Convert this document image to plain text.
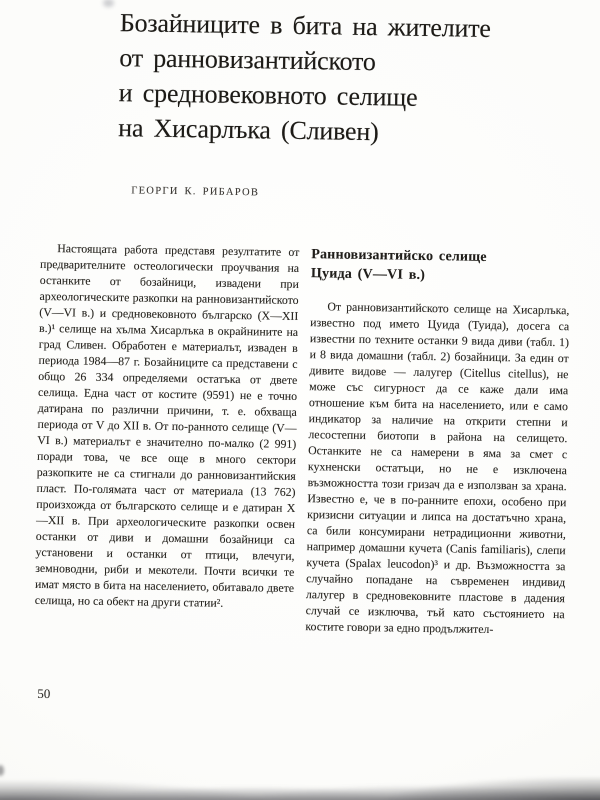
Бозайниците в бита на жителите
от ранновизантийското
и средновековното селище
на Хисарлъка (Сливен)
ГЕОРГИ К. РИБАРОВ

Настоящата работа представя резултатите от предварителните остеологически проучвания на останките от бозайници, извадени при археологическите разкопки на ранновизантийското (V—VI в.) и средновековното българско (X—XII в.)¹ селище на хълма Хисарлъка в окрайнините на град Сливен. Обработен е материалът, изваден в периода 1984—87 г. Бозайниците са представени с общо 26 334 определяеми остатъка от двете селища. Една част от костите (9591) не е точно датирана по различни причини, т. е. обхваща периода от V до XII в. От по-ранното селище (V—VI в.) материалът е значително по-малко (2 991) поради това, че все още в много сектори разкопките не са стигнали до ранновизантийския пласт. По-голямата част от материала (13 762) произхожда от българското селище и е датиран X—XII в. При археологическите разкопки освен останки от диви и домашни бозайници са установени и останки от птици, влечуги, земноводни, риби и мекотели. Почти всички те имат място в бита на населението, обитавало двете селища, но са обект на други статии².

Ранновизантийско селище
Цуида (V—VI в.)

От ранновизантийското селище на Хисарлъка, известно под името Цуида (Туида), досега са известни по техните останки 9 вида диви (табл. 1) и 8 вида домашни (табл. 2) бозайници. За един от дивите видове — лалугер (Citellus citellus), не може със сигурност да се каже дали има отношение към бита на населението, или е само индикатор за наличие на открити степни и лесостепни биотопи в района на селището. Останките не са намерени в яма за смет с кухненски остатъци, но не е изключена възможността този гризач да е използван за храна. Известно е, че в по-ранните епохи, особено при кризисни ситуации и липса на достатъчно храна, са били консумирани нетрадиционни животни, например домашни кучета (Canis familiaris), слепи кучета (Spalax leucodon)³ и др. Възможността за случайно попадане на съвременен индивид лалугер в средновековните пластове в дадения случай се изключва, тъй като състоянието на костите говори за едно продължител-

50
